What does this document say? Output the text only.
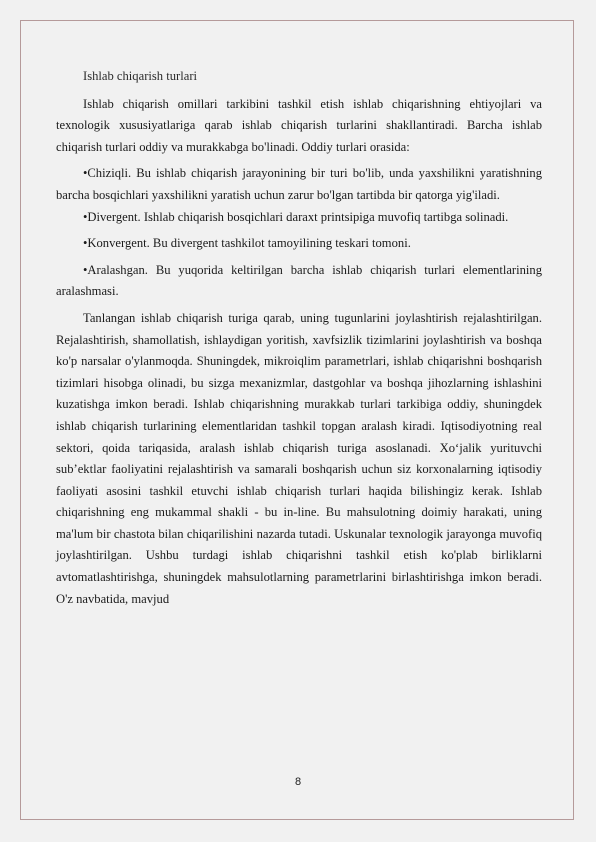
Ishlab chiqarish turlari

Ishlab chiqarish omillari tarkibini tashkil etish ishlab chiqarishning ehtiyojlari va texnologik xususiyatlariga qarab ishlab chiqarish turlarini shakllantiradi. Barcha ishlab chiqarish turlari oddiy va murakkabga bo'linadi. Oddiy turlari orasida:

•Chiziqli. Bu ishlab chiqarish jarayonining bir turi bo'lib, unda yaxshilikni yaratishning barcha bosqichlari yaxshilikni yaratish uchun zarur bo'lgan tartibda bir qatorga yig'iladi.

•Divergent. Ishlab chiqarish bosqichlari daraxt printsipiga muvofiq tartibga solinadi.

•Konvergent. Bu divergent tashkilot tamoyilining teskari tomoni.

•Aralashgan. Bu yuqorida keltirilgan barcha ishlab chiqarish turlari elementlarining aralashmasi.

Tanlangan ishlab chiqarish turiga qarab, uning tugunlarini joylashtirish rejalashtirilgan. Rejalashtirish, shamollatish, ishlaydigan yoritish, xavfsizlik tizimlarini joylashtirish va boshqa ko'p narsalar o'ylanmoqda. Shuningdek, mikroiqlim parametrlari, ishlab chiqarishni boshqarish tizimlari hisobga olinadi, bu sizga mexanizmlar, dastgohlar va boshqa jihozlarning ishlashini kuzatishga imkon beradi. Ishlab chiqarishning murakkab turlari tarkibiga oddiy, shuningdek ishlab chiqarish turlarining elementlaridan tashkil topgan aralash kiradi. Iqtisodiyotning real sektori, qoida tariqasida, aralash ishlab chiqarish turiga asoslanadi. Xo‘jalik yurituvchi sub’ektlar faoliyatini rejalashtirish va samarali boshqarish uchun siz korxonalarning iqtisodiy faoliyati asosini tashkil etuvchi ishlab chiqarish turlari haqida bilishingiz kerak. Ishlab chiqarishning eng mukammal shakli - bu in-line. Bu mahsulotning doimiy harakati, uning ma'lum bir chastota bilan chiqarilishini nazarda tutadi. Uskunalar texnologik jarayonga muvofiq joylashtirilgan. Ushbu turdagi ishlab chiqarishni tashkil etish ko'plab birliklarni avtomatlashtirishga, shuningdek mahsulotlarning parametrlarini birlashtirishga imkon beradi. O'z navbatida, mavjud

8
